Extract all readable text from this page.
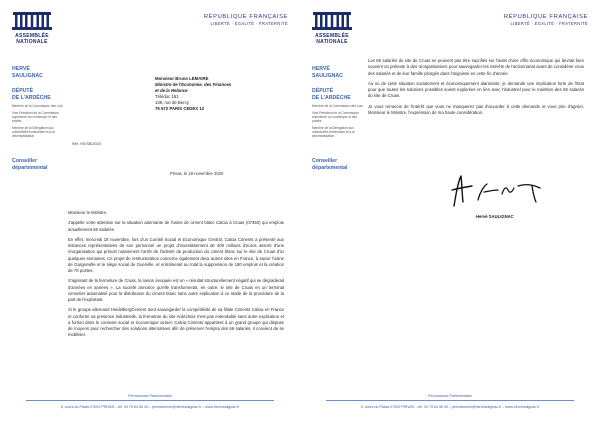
ASSEMBLÉE
NATIONALE
RÉPUBLIQUE FRANÇAISE
LIBERTÉ · ÉGALITÉ · FRATERNITÉ
HERVÉ
SAULIGNAC
DÉPUTÉ
DE L'ARDÈCHE
Membre de la Commission des Lois
Vice-Président de la Commission supérieure du numérique et des postes
Membre de la Délégation aux collectivités territoriales et à la décentralisation
Conseiller
départemental
Réf. HS/SB/2020
Monsieur Bruno LEMAIRE
Ministre de l'Economie, des Finances
et de la Relance
Télédoc 151
139, rue de Bercy
75 572 PARIS CEDEX 12
Privas, le 19 novembre 2020

Monsieur le Ministre,

J'appelle votre attention sur la situation alarmante de l'usine de ciment blanc Calcia à Cruas (07350) qui emploie actuellement 66 salariés.

En effet, mercredi 18 novembre, lors d'un Comité Social et Economique Central, Calcia Ciments a présenté aux instances représentatives de son personnel un projet d'investissement de 400 millions d'euros assorti d'une réorganisation qui prévoit notamment l'arrêt de l'activité de production du ciment blanc sur le site de Cruas d'ici quelques semaines. Ce projet de restructuration concerne également deux autres sites en France, à savoir l'usine de Gargenville et le siège social de Guerville, et entraînerait au total la suppression de 180 emplois et la création de 70 postes.

S'agissant de la fermeture de Cruas, la raison évoquée est un « résultat structurellement négatif qui se dégraderait d'années en années ». La société annonce qu'elle transformerait, en outre, le site de Cruas en un terminal cimentier automatisé pour la distribution du ciment blanc sans autre explication à ce stade de la procédure de la part de l'exploitant.

Si le groupe allemand HeidelbergCement dont sauvegarder la compétitivité de sa filiale Ciments Calcia en France et conforter sa présence industrielle, la fermeture du site Ardéchois n'est pas entendable sans autre explication et a fortiori dans le contexte social et économique actuel. Calcia Ciments appartient à un grand groupe qui dispose de moyens pour rechercher des solutions alternatives afin de préserver l'emploi des 66 salariés, il convient de se mobiliser.

Permanence Parlementaire
5, cours du Palais 07000 PRIVAS – tél. 04 75 64 56 49 – permanence@herveaulignac.fr – www.herveaulignac.fr
ASSEMBLÉE
NATIONALE
RÉPUBLIQUE FRANÇAISE
LIBERTÉ · ÉGALITÉ · FRATERNITÉ
HERVÉ
SAULIGNAC
DÉPUTÉ
DE L'ARDÈCHE
Membre de la Commission des Lois
Vice-Président de la Commission supérieure du numérique et des postes
Membre de la Délégation aux collectivités territoriales et à la décentralisation
Conseiller
départemental

Les 66 salariés du site de Cruas ne peuvent pas être sacrifiés sur l'autel d'une offre économique qui devrait bien souvent un prétexte à des réorganisations pour sauvegarder les intérêts de l'actionnariat avant de considérer ceux des salariés et de leur famille plongés dans l'angoisse en cette fin d'année.

Au vu de cette situation socialement et économiquement alarmante, je demande une implication forte de l'Etat pour que toutes les solutions possibles soient explorées en lien avec l'industriel pour le maintien des 66 salariés du site de Cruas.

Je vous remercie de l'intérêt que vous ne manquerez pas d'accorder à cette demande et vous prie d'agréer, Monsieur le Ministre, l'expression de ma haute considération.

Hervé SAULIGNAC
Permanence Parlementaire
5, cours du Palais 07000 PRIVAS – tél. 04 75 64 56 49 – permanence@herveaulignac.fr – www.herveaulignac.fr
